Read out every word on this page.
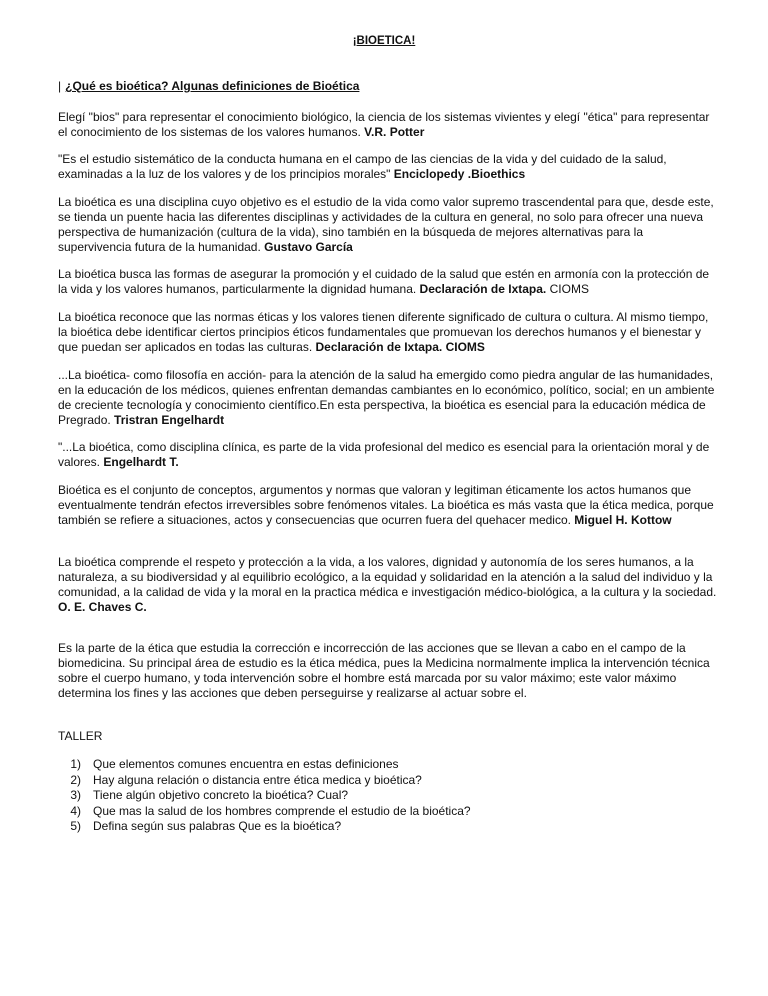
¡BIOETICA!
| ¿Qué es bioética? Algunas definiciones de Bioética

Elegí "bios" para representar el conocimiento biológico, la ciencia de los sistemas vivientes y elegí "ética" para representar el conocimiento de los sistemas de los valores humanos. V.R. Potter

"Es el estudio sistemático de la conducta humana en el campo de las ciencias de la vida y del cuidado de la salud, examinadas a la luz de los valores y de los principios morales" Enciclopedy .Bioethics

La bioética es una disciplina cuyo objetivo es el estudio de la vida como valor supremo trascendental para que, desde este, se tienda un puente hacia las diferentes disciplinas y actividades de la cultura en general, no solo para ofrecer una nueva perspectiva de humanización (cultura de la vida), sino también en la búsqueda de mejores alternativas para la supervivencia futura de la humanidad. Gustavo García

La bioética busca las formas de asegurar la promoción y el cuidado de la salud que estén en armonía con la protección de la vida y los valores humanos, particularmente la dignidad humana. Declaración de Ixtapa. CIOMS

La bioética reconoce que las normas éticas y los valores tienen diferente significado de cultura o cultura. Al mismo tiempo, la bioética debe identificar ciertos principios éticos fundamentales que promuevan los derechos humanos y el bienestar y que puedan ser aplicados en todas las culturas. Declaración de Ixtapa. CIOMS

...La bioética- como filosofía en acción- para la atención de la salud ha emergido como piedra angular de las humanidades, en la educación de los médicos, quienes enfrentan demandas cambiantes en lo económico, político, social; en un ambiente de creciente tecnología y conocimiento científico.En esta perspectiva, la bioética es esencial para la educación médica de Pregrado. Tristran Engelhardt

"...La bioética, como disciplina clínica, es parte de la vida profesional del medico es esencial para la orientación moral y de valores. Engelhardt T.

Bioética es el conjunto de conceptos, argumentos y normas que valoran y legitiman éticamente los actos humanos que eventualmente tendrán efectos irreversibles sobre fenómenos vitales. La bioética es más vasta que la ética medica, porque también se refiere a situaciones, actos y consecuencias que ocurren fuera del quehacer medico. Miguel H. Kottow

La bioética comprende el respeto y protección a la vida, a los valores, dignidad y autonomía de los seres humanos, a la naturaleza, a su biodiversidad y al equilibrio ecológico, a la equidad y solidaridad en la atención a la salud del individuo y la comunidad, a la calidad de vida y la moral en la practica médica e investigación médico-biológica, a la cultura y la sociedad. O. E. Chaves C.

Es la parte de la ética que estudia la corrección e incorrección de las acciones que se llevan a cabo en el campo de la biomedicina. Su principal área de estudio es la ética médica, pues la Medicina normalmente implica la intervención técnica sobre el cuerpo humano, y toda intervención sobre el hombre está marcada por su valor máximo; este valor máximo determina los fines y las acciones que deben perseguirse y realizarse al actuar sobre el.

TALLER
1)	Que elementos comunes encuentra en estas definiciones
2)	Hay alguna relación o distancia entre ética medica y bioética?
3)	Tiene algún objetivo concreto la bioética? Cual?
4)	Que mas la salud de los hombres comprende el estudio de la bioética?
5)	Defina según sus palabras Que es la bioética?
